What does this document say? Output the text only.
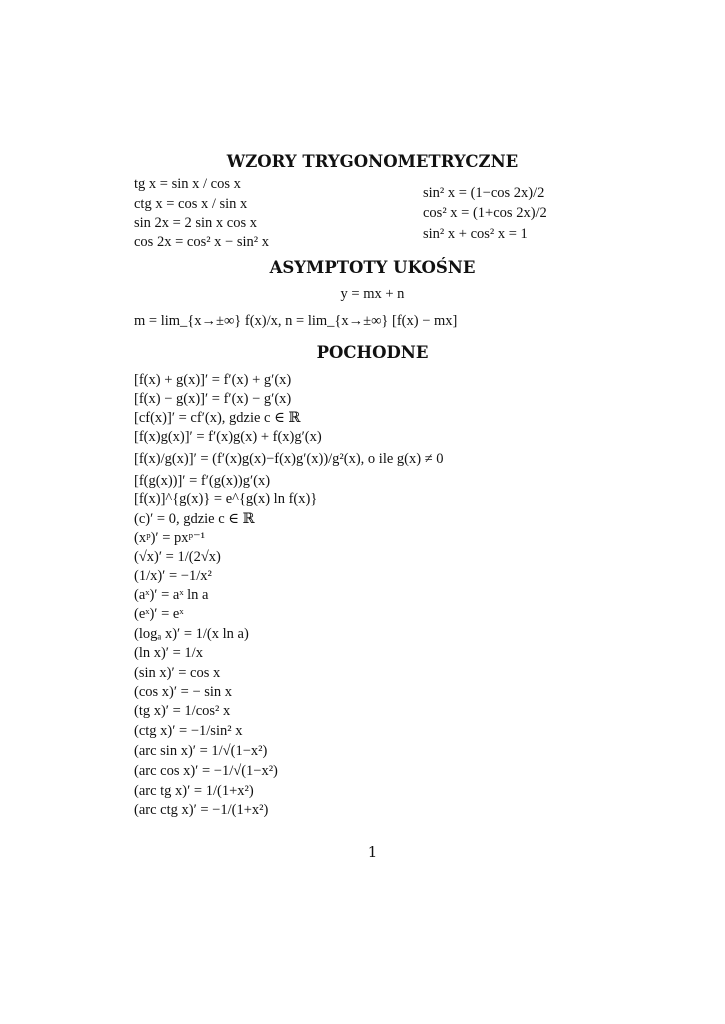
WZORY TRYGONOMETRYCZNE
tg x = sin x / cos x
ctg x = cos x / sin x
sin 2x = 2 sin x cos x
cos 2x = cos² x − sin² x
sin² x = (1−cos 2x)/2
cos² x = (1+cos 2x)/2
sin² x + cos² x = 1
ASYMPTOTY UKOŚNE
y = mx + n
m = lim_{x→±∞} f(x)/x, n = lim_{x→±∞} [f(x) − mx]
POCHODNE
[f(x) + g(x)]′ = f′(x) + g′(x)
[f(x) − g(x)]′ = f′(x) − g′(x)
[cf(x)]′ = cf′(x), gdzie c ∈ ℝ
[f(x)g(x)]′ = f′(x)g(x) + f(x)g′(x)
[f(x)/g(x)]′ = (f′(x)g(x)−f(x)g′(x))/g²(x), o ile g(x) ≠ 0
[f(g(x))]′ = f′(g(x))g′(x)
[f(x)]^{g(x)} = e^{g(x) ln f(x)}
(c)′ = 0, gdzie c ∈ ℝ
(xᵖ)′ = pxᵖ⁻¹
(√x)′ = 1/(2√x)
(1/x)′ = −1/x²
(aˣ)′ = aˣ ln a
(eˣ)′ = eˣ
(logₐ x)′ = 1/(x ln a)
(ln x)′ = 1/x
(sin x)′ = cos x
(cos x)′ = − sin x
(tg x)′ = 1/cos² x
(ctg x)′ = −1/sin² x
(arc sin x)′ = 1/√(1−x²)
(arc cos x)′ = −1/√(1−x²)
(arc tg x)′ = 1/(1+x²)
(arc ctg x)′ = −1/(1+x²)
1
